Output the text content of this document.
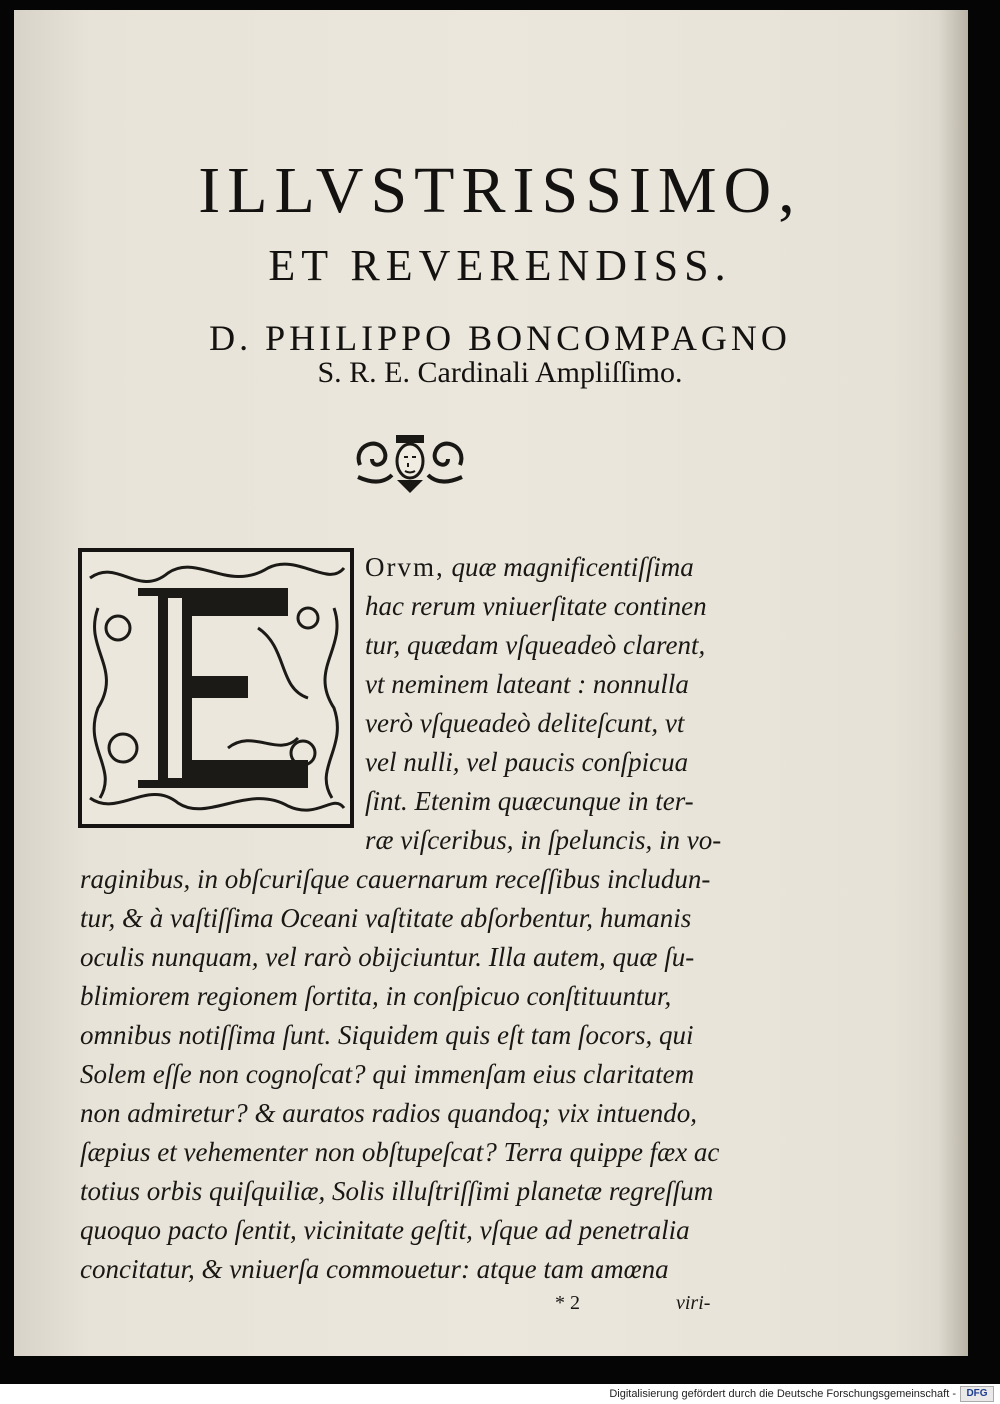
ILLVSTRISSIMO,
ET REVERENDISS.
D. PHILIPPO BONCOMPAGNO
S. R. E. Cardinali Ampliſſimo.
Orvm, quæ magnificentiſſima
hac rerum vniuerſitate continen
tur, quædam vſqueadeò clarent,
vt neminem lateant : nonnulla
verò vſqueadeò deliteſcunt, vt
vel nulli, vel paucis conſpicua
ſint. Etenim quæcunque in ter-
ræ viſceribus, in ſpeluncis, in vo-
raginibus, in obſcuriſque cauernarum receſſibus includun-
tur, & à vaſtiſſima Oceani vaſtitate abſorbentur, humanis
oculis nunquam, vel rarò obijciuntur. Illa autem, quæ ſu-
blimiorem regionem ſortita, in conſpicuo conſtituuntur,
omnibus notiſſima ſunt. Siquidem quis eſt tam ſocors, qui
Solem eſſe non cognoſcat? qui immenſam eius claritatem
non admiretur? & auratos radios quandoq; vix intuendo,
ſæpius et vehementer non obſtupeſcat? Terra quippe fæx ac
totius orbis quiſquiliæ, Solis illuſtriſſimi planetæ regreſſum
quoquo pacto ſentit, vicinitate geſtit, vſque ad penetralia
concitatur, & vniuerſa commouetur: atque tam amœna
* 2	viri-
Digitalisierung gefördert durch die Deutsche Forschungsgemeinschaft -	DFG
